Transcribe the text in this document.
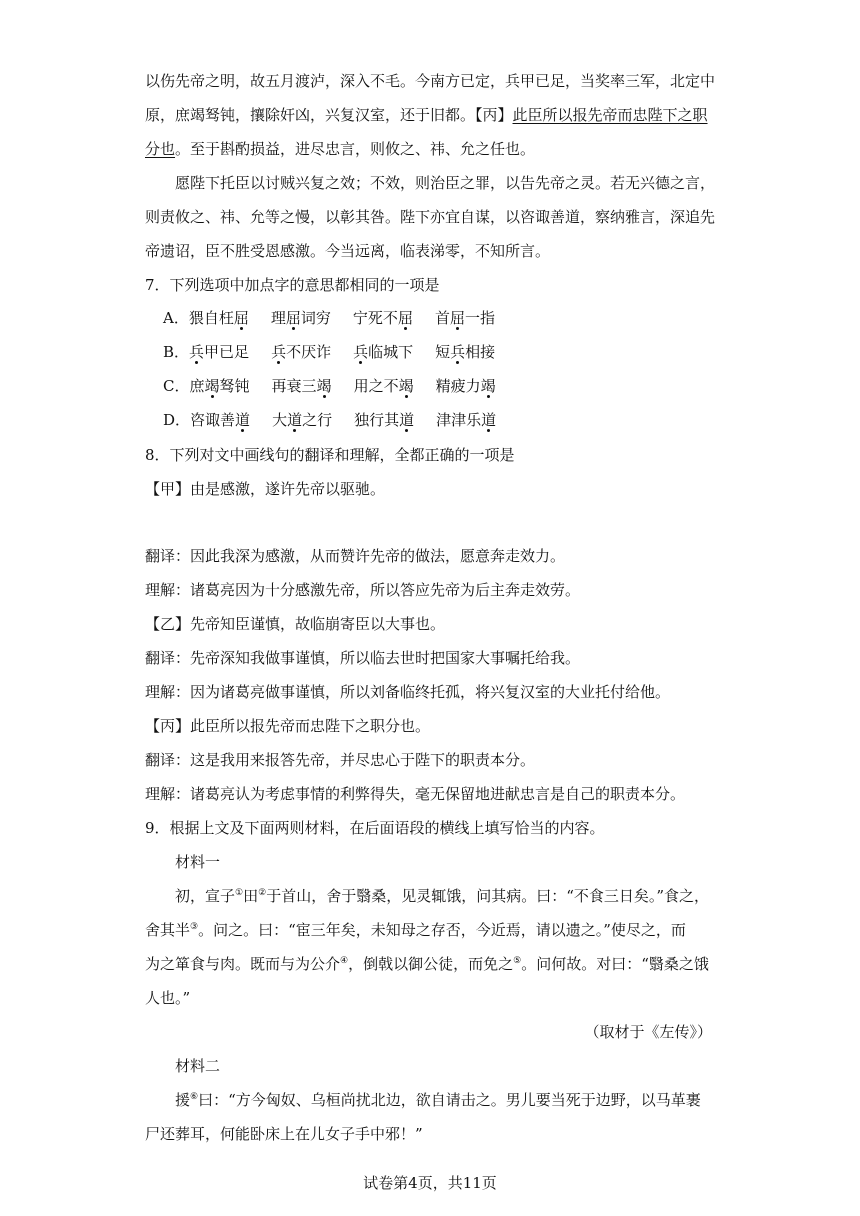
以伤先帝之明，故五月渡泸，深入不毛。今南方已定，兵甲已足，当奖率三军，北定中
原，庶竭驽钝，攘除奸凶，兴复汉室，还于旧都。【丙】此臣所以报先帝而忠陛下之职
分也。至于斟酌损益，进尽忠言，则攸之、祎、允之任也。
愿陛下托臣以讨贼兴复之效；不效，则治臣之罪，以告先帝之灵。若无兴德之言，
则责攸之、祎、允等之慢，以彰其咎。陛下亦宜自谋，以咨诹善道，察纳雅言，深追先
帝遗诏，臣不胜受恩感激。今当远离，临表涕零，不知所言。
7．下列选项中加点字的意思都相同的一项是
A．猥自枉屈 理屈词穷 宁死不屈 首屈一指
B．兵甲已足 兵不厌诈 兵临城下 短兵相接
C．庶竭驽钝 再衰三竭 用之不竭 精疲力竭
D．咨诹善道 大道之行 独行其道 津津乐道
8．下列对文中画线句的翻译和理解，全都正确的一项是
【甲】由是感激，遂许先帝以驱驰。
翻译：因此我深为感激，从而赞许先帝的做法，愿意奔走效力。
理解：诸葛亮因为十分感激先帝，所以答应先帝为后主奔走效劳。
【乙】先帝知臣谨慎，故临崩寄臣以大事也。
翻译：先帝深知我做事谨慎，所以临去世时把国家大事嘱托给我。
理解：因为诸葛亮做事谨慎，所以刘备临终托孤，将兴复汉室的大业托付给他。
【丙】此臣所以报先帝而忠陛下之职分也。
翻译：这是我用来报答先帝，并尽忠心于陛下的职责本分。
理解：诸葛亮认为考虑事情的利弊得失，毫无保留地进献忠言是自己的职责本分。
9．根据上文及下面两则材料，在后面语段的横线上填写恰当的内容。
材料一
初，宣子①田②于首山，舍于翳桑，见灵辄饿，问其病。曰：“不食三日矣。”食之，
舍其半③。问之。曰：“宦三年矣，未知母之存否，今近焉，请以遗之。”使尽之，而
为之箪食与肉。既而与为公介④，倒戟以御公徒，而免之⑤。问何故。对曰：“翳桑之饿
人也。”
（取材于《左传》）
材料二
援⑥曰：“方今匈奴、乌桓尚扰北边，欲自请击之。男儿要当死于边野，以马革裹
尸还葬耳，何能卧床上在儿女子手中邪！”
试卷第4页，共11页
